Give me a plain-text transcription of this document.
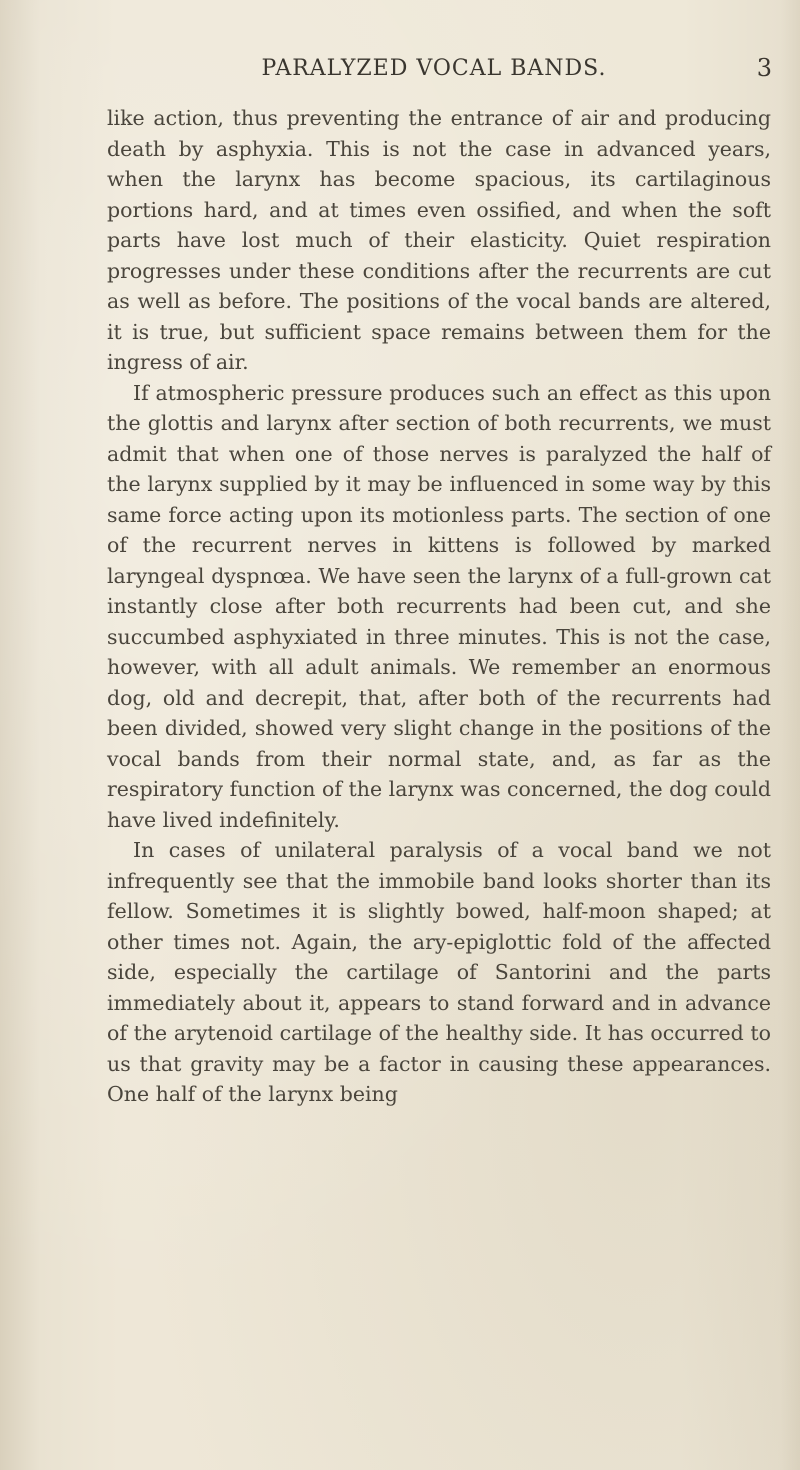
PARALYZED VOCAL BANDS.	3

like action, thus preventing the entrance of air and producing death by asphyxia. This is not the case in advanced years, when the larynx has become spacious, its cartilaginous portions hard, and at times even ossified, and when the soft parts have lost much of their elasticity. Quiet respiration progresses under these conditions after the recurrents are cut as well as before. The positions of the vocal bands are altered, it is true, but sufficient space remains between them for the ingress of air.

If atmospheric pressure produces such an effect as this upon the glottis and larynx after section of both recurrents, we must admit that when one of those nerves is paralyzed the half of the larynx supplied by it may be influenced in some way by this same force acting upon its motionless parts. The section of one of the recurrent nerves in kittens is followed by marked laryngeal dyspnœa. We have seen the larynx of a full-grown cat instantly close after both recurrents had been cut, and she succumbed asphyxiated in three minutes. This is not the case, however, with all adult animals. We remember an enormous dog, old and decrepit, that, after both of the recurrents had been divided, showed very slight change in the positions of the vocal bands from their normal state, and, as far as the respiratory function of the larynx was concerned, the dog could have lived indefinitely.

In cases of unilateral paralysis of a vocal band we not infrequently see that the immobile band looks shorter than its fellow. Sometimes it is slightly bowed, half-moon shaped; at other times not. Again, the ary-epiglottic fold of the affected side, especially the cartilage of Santorini and the parts immediately about it, appears to stand forward and in advance of the arytenoid cartilage of the healthy side. It has occurred to us that gravity may be a factor in causing these appearances. One half of the larynx being
